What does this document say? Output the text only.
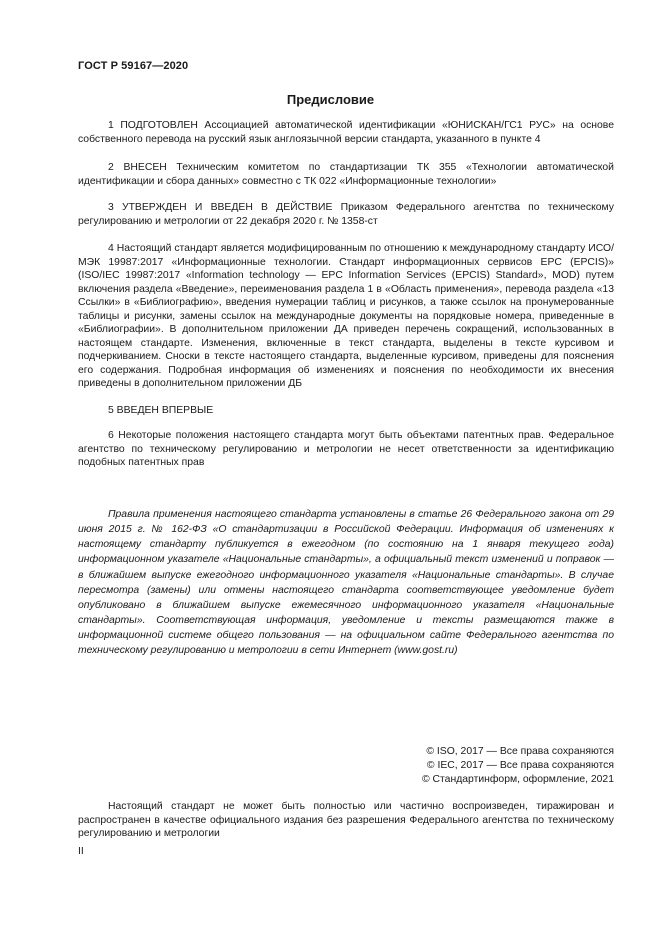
ГОСТ Р 59167—2020
Предисловие

1 ПОДГОТОВЛЕН Ассоциацией автоматической идентификации «ЮНИСКАН/ГС1 РУС» на основе собственного перевода на русский язык англоязычной версии стандарта, указанного в пункте 4

2 ВНЕСЕН Техническим комитетом по стандартизации ТК 355 «Технологии автоматической идентификации и сбора данных» совместно с ТК 022 «Информационные технологии»

3 УТВЕРЖДЕН И ВВЕДЕН В ДЕЙСТВИЕ Приказом Федерального агентства по техническому регулированию и метрологии от 22 декабря 2020 г. № 1358-ст

4 Настоящий стандарт является модифицированным по отношению к международному стандарту ИСО/МЭК 19987:2017 «Информационные технологии. Стандарт информационных сервисов EPC (EPCIS)» (ISO/IEC 19987:2017 «Information technology — EPC Information Services (EPCIS) Standard», MOD) путем включения раздела «Введение», переименования раздела 1 в «Область применения», перевода раздела «13 Ссылки» в «Библиографию», введения нумерации таблиц и рисунков, а также ссылок на пронумерованные таблицы и рисунки, замены ссылок на международные документы на порядковые номера, приведенные в «Библиографии». В дополнительном приложении ДА приведен перечень сокращений, использованных в настоящем стандарте. Изменения, включенные в текст стандарта, выделены в тексте курсивом и подчеркиванием. Сноски в тексте настоящего стандарта, выделенные курсивом, приведены для пояснения его содержания. Подробная информация об изменениях и пояснения по необходимости их внесения приведены в дополнительном приложении ДБ

5 ВВЕДЕН ВПЕРВЫЕ

6 Некоторые положения настоящего стандарта могут быть объектами патентных прав. Федеральное агентство по техническому регулированию и метрологии не несет ответственности за идентификацию подобных патентных прав

Правила применения настоящего стандарта установлены в статье 26 Федерального закона от 29 июня 2015 г. № 162-ФЗ «О стандартизации в Российской Федерации. Информация об изменениях к настоящему стандарту публикуется в ежегодном (по состоянию на 1 января текущего года) информационном указателе «Национальные стандарты», а официальный текст изменений и поправок — в ближайшем выпуске ежегодного информационного указателя «Национальные стандарты». В случае пересмотра (замены) или отмены настоящего стандарта соответствующее уведомление будет опубликовано в ближайшем выпуске ежемесячного информационного указателя «Национальные стандарты». Соответствующая информация, уведомление и тексты размещаются также в информационной системе общего пользования — на официальном сайте Федерального агентства по техническому регулированию и метрологии в сети Интернет (www.gost.ru)

© ISO, 2017 — Все права сохраняются
© IEC, 2017 — Все права сохраняются
© Стандартинформ, оформление, 2021

Настоящий стандарт не может быть полностью или частично воспроизведен, тиражирован и распространен в качестве официального издания без разрешения Федерального агентства по техническому регулированию и метрологии

II
